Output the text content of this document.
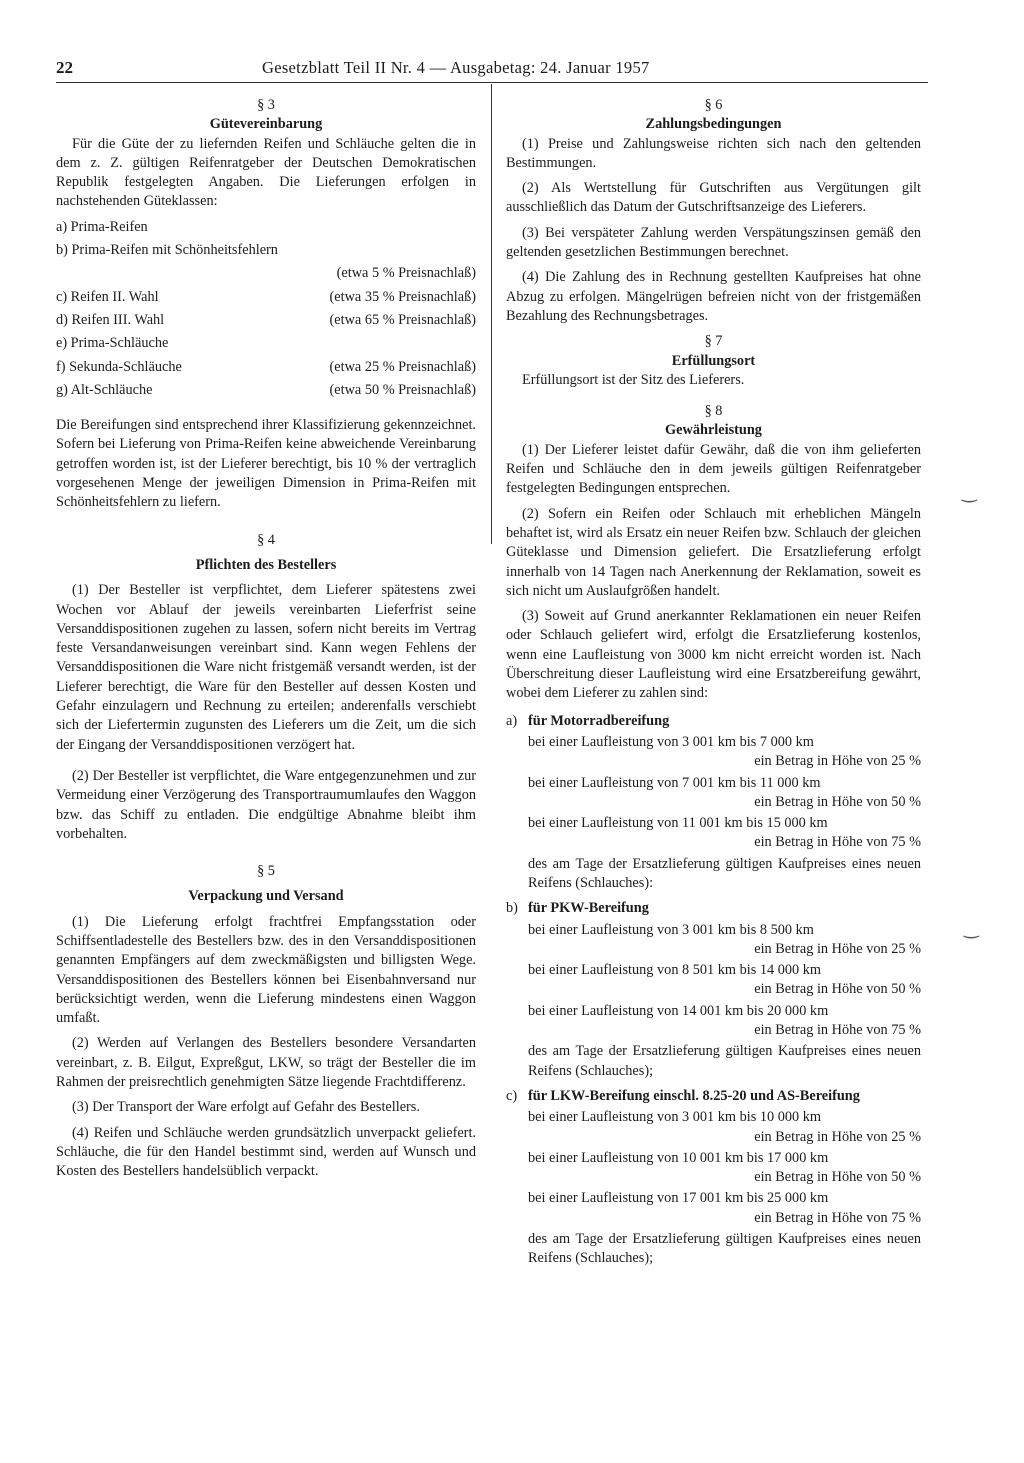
22	Gesetzblatt Teil II Nr. 4 — Ausgabetag: 24. Januar 1957

§ 3

Gütevereinbarung

Für die Güte der zu liefernden Reifen und Schläuche gelten die in dem z. Z. gültigen Reifenratgeber der Deutschen Demokratischen Republik festgelegten Angaben. Die Lieferungen erfolgen in nachstehenden Güteklassen:

a) Prima-Reifen
b) Prima-Reifen mit Schönheitsfehlern
(etwa 5 % Preisnachlaß)
c) Reifen II. Wahl	(etwa 35 % Preisnachlaß)
d) Reifen III. Wahl	(etwa 65 % Preisnachlaß)
e) Prima-Schläuche
f) Sekunda-Schläuche	(etwa 25 % Preisnachlaß)
g) Alt-Schläuche	(etwa 50 % Preisnachlaß)

Die Bereifungen sind entsprechend ihrer Klassifizierung gekennzeichnet. Sofern bei Lieferung von Prima-Reifen keine abweichende Vereinbarung getroffen worden ist, ist der Lieferer berechtigt, bis 10 % der vertraglich vorgesehenen Menge der jeweiligen Dimension in Prima-Reifen mit Schönheitsfehlern zu liefern.

§ 4

Pflichten des Bestellers

(1) Der Besteller ist verpflichtet, dem Lieferer spätestens zwei Wochen vor Ablauf der jeweils vereinbarten Lieferfrist seine Versanddispositionen zugehen zu lassen, sofern nicht bereits im Vertrag feste Versandanweisungen vereinbart sind. Kann wegen Fehlens der Versanddispositionen die Ware nicht fristgemäß versandt werden, ist der Lieferer berechtigt, die Ware für den Besteller auf dessen Kosten und Gefahr einzulagern und Rechnung zu erteilen; anderenfalls verschiebt sich der Liefertermin zugunsten des Lieferers um die Zeit, um die sich der Eingang der Versanddispositionen verzögert hat.

(2) Der Besteller ist verpflichtet, die Ware entgegenzunehmen und zur Vermeidung einer Verzögerung des Transportraumumlaufes den Waggon bzw. das Schiff zu entladen. Die endgültige Abnahme bleibt ihm vorbehalten.

§ 5

Verpackung und Versand

(1) Die Lieferung erfolgt frachtfrei Empfangsstation oder Schiffsentladestelle des Bestellers bzw. des in den Versanddispositionen genannten Empfängers auf dem zweckmäßigsten und billigsten Wege. Versanddispositionen des Bestellers können bei Eisenbahnversand nur berücksichtigt werden, wenn die Lieferung mindestens einen Waggon umfaßt.

(2) Werden auf Verlangen des Bestellers besondere Versandarten vereinbart, z. B. Eilgut, Expreßgut, LKW, so trägt der Besteller die im Rahmen der preisrechtlich genehmigten Sätze liegende Frachtdifferenz.

(3) Der Transport der Ware erfolgt auf Gefahr des Bestellers.

(4) Reifen und Schläuche werden grundsätzlich unverpackt geliefert. Schläuche, die für den Handel bestimmt sind, werden auf Wunsch und Kosten des Bestellers handelsüblich verpackt.

§ 6

Zahlungsbedingungen

(1) Preise und Zahlungsweise richten sich nach den geltenden Bestimmungen.

(2) Als Wertstellung für Gutschriften aus Vergütungen gilt ausschließlich das Datum der Gutschriftsanzeige des Lieferers.

(3) Bei verspäteter Zahlung werden Verspätungszinsen gemäß den geltenden gesetzlichen Bestimmungen berechnet.

(4) Die Zahlung des in Rechnung gestellten Kaufpreises hat ohne Abzug zu erfolgen. Mängelrügen befreien nicht von der fristgemäßen Bezahlung des Rechnungsbetrages.

§ 7

Erfüllungsort

Erfüllungsort ist der Sitz des Lieferers.

§ 8

Gewährleistung

(1) Der Lieferer leistet dafür Gewähr, daß die von ihm gelieferten Reifen und Schläuche den in dem jeweils gültigen Reifenratgeber festgelegten Bedingungen entsprechen.

(2) Sofern ein Reifen oder Schlauch mit erheblichen Mängeln behaftet ist, wird als Ersatz ein neuer Reifen bzw. Schlauch der gleichen Güteklasse und Dimension geliefert. Die Ersatzlieferung erfolgt innerhalb von 14 Tagen nach Anerkennung der Reklamation, soweit es sich nicht um Auslaufgrößen handelt.

(3) Soweit auf Grund anerkannter Reklamationen ein neuer Reifen oder Schlauch geliefert wird, erfolgt die Ersatzlieferung kostenlos, wenn eine Laufleistung von 3000 km nicht erreicht worden ist. Nach Überschreitung dieser Laufleistung wird eine Ersatzbereifung gewährt, wobei dem Lieferer zu zahlen sind:

a) für Motorradbereifung
bei einer Laufleistung von 3 001 km bis 7 000 km
ein Betrag in Höhe von 25 %
bei einer Laufleistung von 7 001 km bis 11 000 km
ein Betrag in Höhe von 50 %
bei einer Laufleistung von 11 001 km bis 15 000 km
ein Betrag in Höhe von 75 %

des am Tage der Ersatzlieferung gültigen Kaufpreises eines neuen Reifens (Schlauches):

b) für PKW-Bereifung
bei einer Laufleistung von 3 001 km bis 8 500 km
ein Betrag in Höhe von 25 %
bei einer Laufleistung von 8 501 km bis 14 000 km
ein Betrag in Höhe von 50 %
bei einer Laufleistung von 14 001 km bis 20 000 km
ein Betrag in Höhe von 75 %

des am Tage der Ersatzlieferung gültigen Kaufpreises eines neuen Reifens (Schlauches);

c) für LKW-Bereifung einschl. 8.25-20 und AS-Bereifung
bei einer Laufleistung von 3 001 km bis 10 000 km
ein Betrag in Höhe von 25 %
bei einer Laufleistung von 10 001 km bis 17 000 km
ein Betrag in Höhe von 50 %
bei einer Laufleistung von 17 001 km bis 25 000 km
ein Betrag in Höhe von 75 %

des am Tage der Ersatzlieferung gültigen Kaufpreises eines neuen Reifens (Schlauches);

‿
‿
